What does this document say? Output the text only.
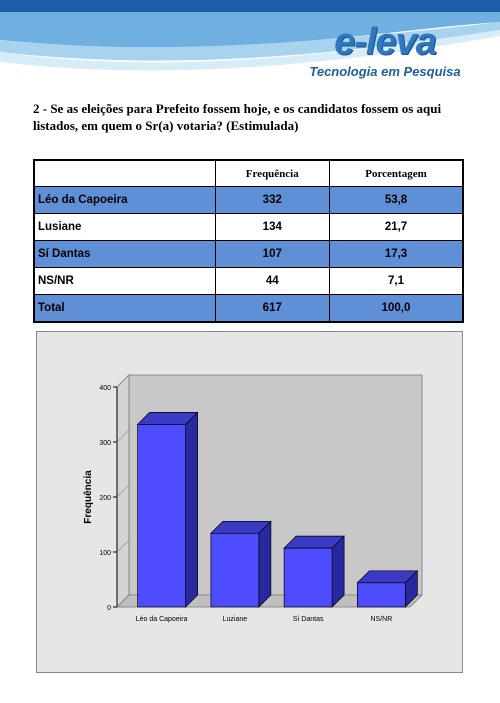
e-leva
Tecnologia em Pesquisa
2 - Se as eleições para Prefeito fossem hoje, e os candidatos fossem os aqui listados, em quem o Sr(a) votaria? (Estimulada)
	Frequência	Porcentagem
Léo da Capoeira	332	53,8
Lusiane	134	21,7
Sí Dantas	107	17,3
NS/NR	44	7,1
Total	617	100,0
0
100
200
300
400
Frequência
Léo da Capoeira	Luziane	Sí Dantas	NS/NR
